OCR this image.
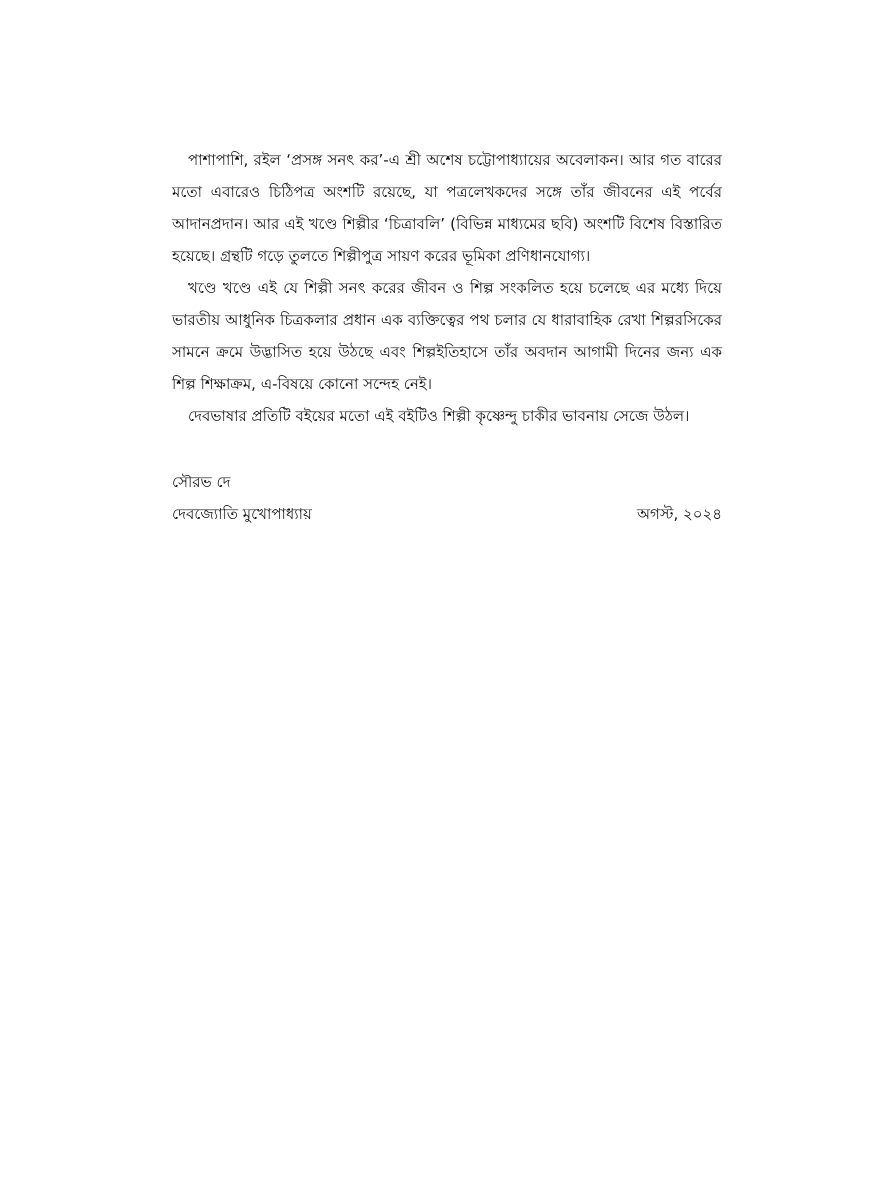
পাশাপাশি, রইল ‘প্রসঙ্গ সনৎ কর’-এ শ্রী অশেষ চট্টোপাধ্যায়ের অবেলাকন। আর গত বারের মতো এবারেও চিঠিপত্র অংশটি রয়েছে, যা পত্রলেখকদের সঙ্গে তাঁর জীবনের এই পর্বের আদানপ্রদান। আর এই খণ্ডে শিল্পীর ‘চিত্রাবলি’ (বিভিন্ন মাধ্যমের ছবি) অংশটি বিশেষ বিস্তারিত হয়েছে। গ্রন্থটি গড়ে তুলতে শিল্পীপুত্র সায়ণ করের ভূমিকা প্রণিধানযোগ্য।

খণ্ডে খণ্ডে এই যে শিল্পী সনৎ করের জীবন ও শিল্প সংকলিত হয়ে চলেছে এর মধ্যে দিয়ে ভারতীয় আধুনিক চিত্রকলার প্রধান এক ব্যক্তিত্বের পথ চলার যে ধারাবাহিক রেখা শিল্পরসিকের সামনে ক্রমে উদ্ভাসিত হয়ে উঠছে এবং শিল্পইতিহাসে তাঁর অবদান আগামী দিনের জন্য এক শিল্প শিক্ষাক্রম, এ-বিষয়ে কোনো সন্দেহ নেই।

দেবভাষার প্রতিটি বইয়ের মতো এই বইটিও শিল্পী কৃষ্ণেন্দু চাকীর ভাবনায় সেজে উঠল।

সৌরভ দে
দেবজ্যোতি মুখোপাধ্যায়	অগস্ট, ২০২৪
